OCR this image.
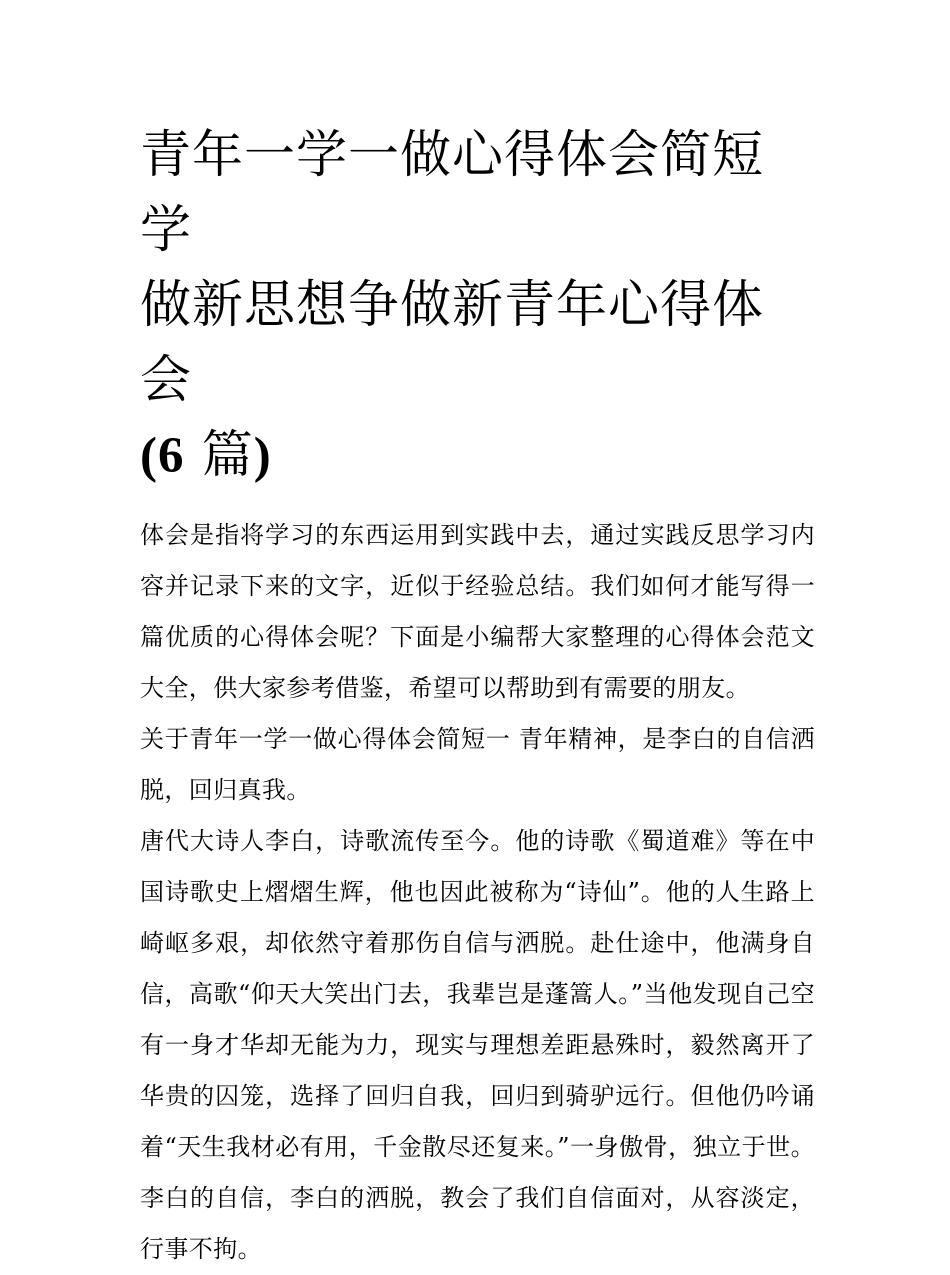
青年一学一做心得体会简短 学
做新思想争做新青年心得体会
(6 篇)

体会是指将学习的东西运用到实践中去，通过实践反思学习内容并记录下来的文字，近似于经验总结。我们如何才能写得一篇优质的心得体会呢？下面是小编帮大家整理的心得体会范文大全，供大家参考借鉴，希望可以帮助到有需要的朋友。

关于青年一学一做心得体会简短一 青年精神，是李白的自信洒脱，回归真我。

唐代大诗人李白，诗歌流传至今。他的诗歌《蜀道难》等在中国诗歌史上熠熠生辉，他也因此被称为“诗仙”。他的人生路上崎岖多艰，却依然守着那伤自信与洒脱。赴仕途中，他满身自信，高歌“仰天大笑出门去，我辈岂是蓬篙人。”当他发现自己空有一身才华却无能为力，现实与理想差距悬殊时，毅然离开了华贵的囚笼，选择了回归自我，回归到骑驴远行。但他仍吟诵着“天生我材必有用，千金散尽还复来。”一身傲骨，独立于世。李白的自信，李白的洒脱，教会了我们自信面对，从容淡定，行事不拘。
